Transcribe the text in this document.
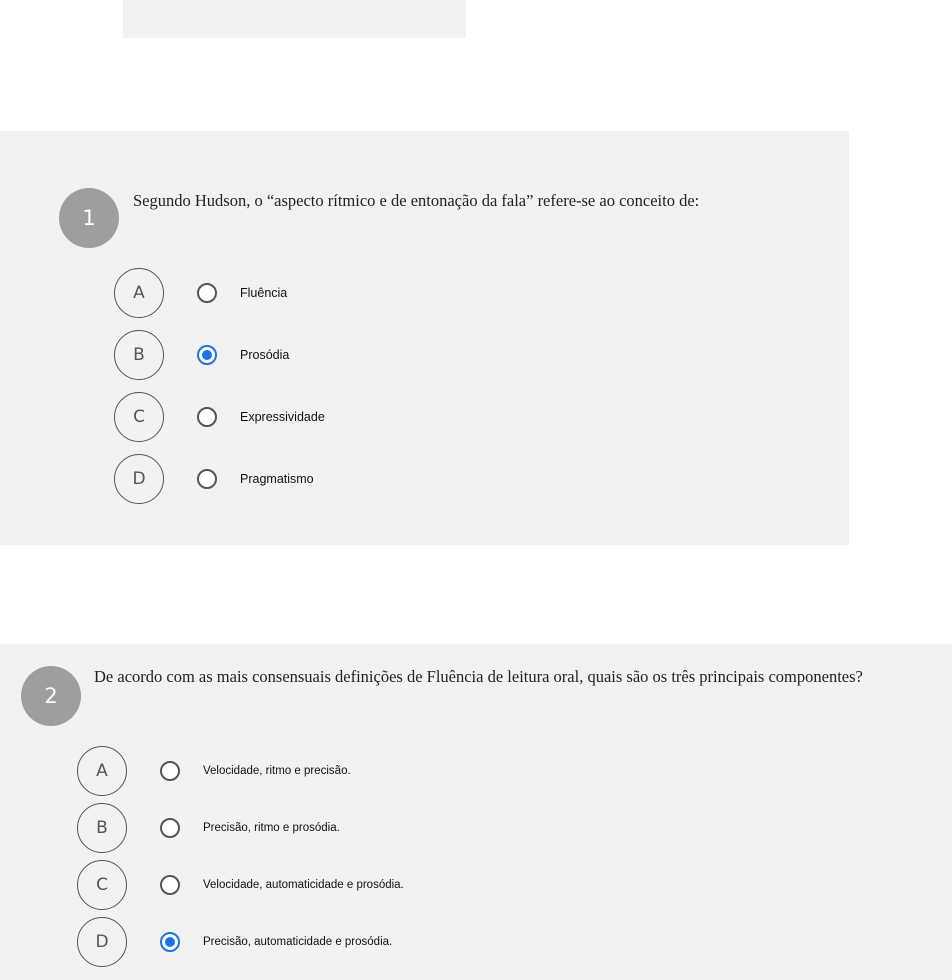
1
Segundo Hudson, o “aspecto rítmico e de entonação da fala” refere-se ao conceito de:
A	Fluência
B	Prosódia
C	Expressividade
D	Pragmatismo
2
De acordo com as mais consensuais definições de Fluência de leitura oral, quais são os três principais componentes?
A	Velocidade, ritmo e precisão.
B	Precisão, ritmo e prosódia.
C	Velocidade, automaticidade e prosódia.
D	Precisão, automaticidade e prosódia.
